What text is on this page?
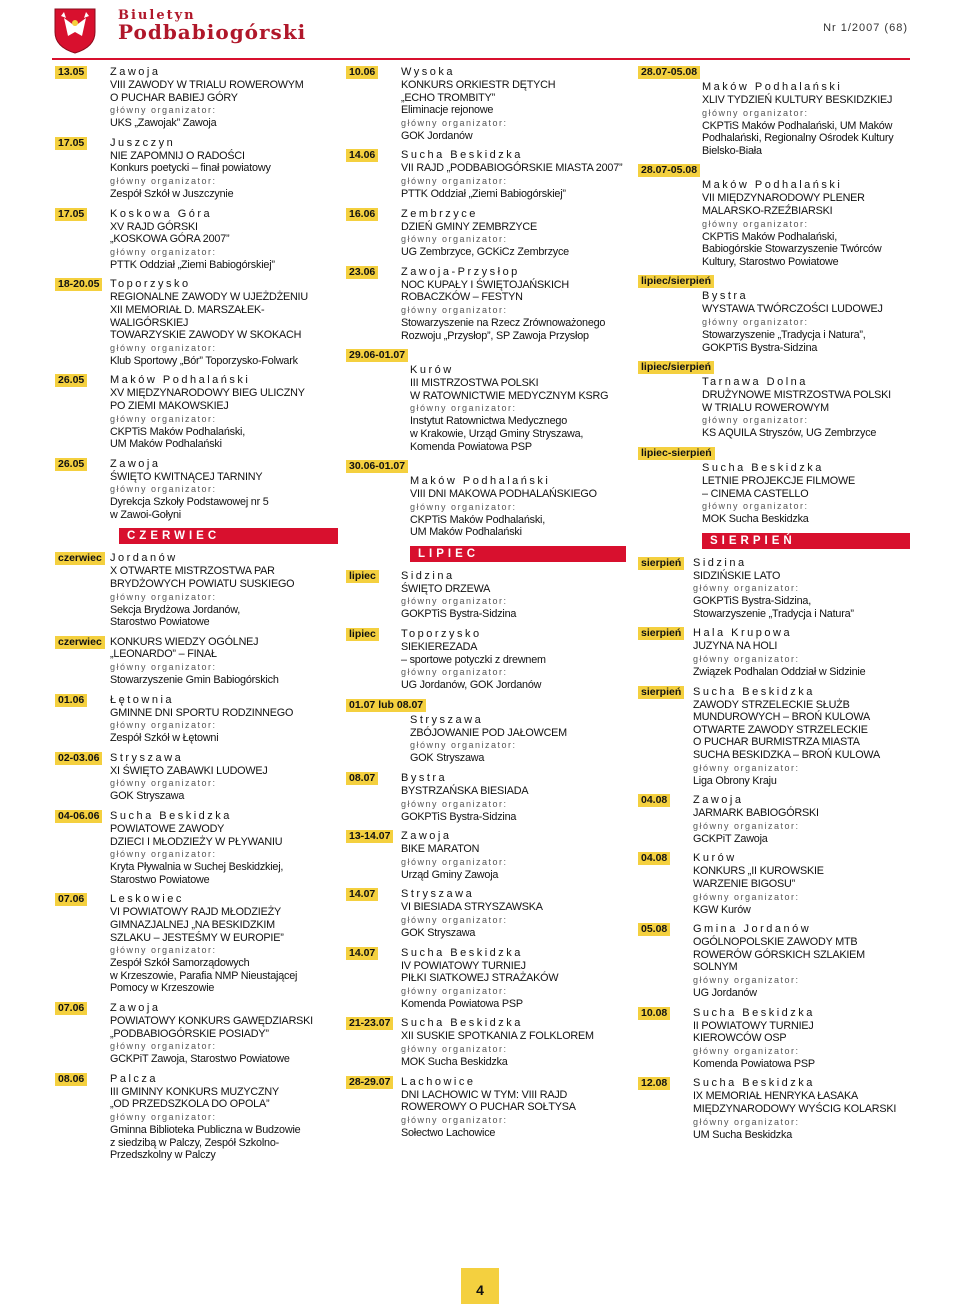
Biuletyn
Podbabiogórski	Nr 1/2007 (68)
13.05	Zawoja
VIII ZAWODY W TRIALU ROWEROWYM
O PUCHAR BABIEJ GÓRY
główny organizator:
UKS „Zawojak” Zawoja
17.05	Juszczyn
NIE ZAPOMNIJ O RADOŚCI
Konkurs poetycki – finał powiatowy
główny organizator:
Zespół Szkół w Juszczynie
17.05	Koskowa Góra
XV RAJD GÓRSKI
„KOSKOWA GÓRA 2007”
główny organizator:
PTTK Oddział „Ziemi Babiogórskiej”
18-20.05 Toporzysko
REGIONALNE ZAWODY W UJEŻDŻENIU
XII MEMORIAŁ D. MARSZAŁEK-WALIGÓRSKIEJ
TOWARZYSKIE ZAWODY W SKOKACH
główny organizator:
Klub Sportowy „Bór” Toporzysko-Folwark
26.05	Maków Podhalański
XV MIĘDZYNARODOWY BIEG ULICZNY
PO ZIEMI MAKOWSKIEJ
główny organizator:
CKPTiS Maków Podhalański,
UM Maków Podhalański
26.05	Zawoja
ŚWIĘTO KWITNĄCEJ TARNINY
główny organizator:
Dyrekcja Szkoły Podstawowej nr 5
w Zawoi-Gołyni
CZERWIEC
czerwiec Jordanów
X OTWARTE MISTRZOSTWA PAR
BRYDŻOWYCH POWIATU SUSKIEGO
główny organizator:
Sekcja Brydżowa Jordanów,
Starostwo Powiatowe
czerwiec KONKURS WIEDZY OGÓLNEJ
„LEONARDO” – FINAŁ
główny organizator:
Stowarzyszenie Gmin Babiogórskich
01.06	Łętownia
GMINNE DNI SPORTU RODZINNEGO
główny organizator:
Zespół Szkół w Łętowni
02-03.06 Stryszawa
XI ŚWIĘTO ZABAWKI LUDOWEJ
główny organizator:
GOK Stryszawa
04-06.06 Sucha Beskidzka
POWIATOWE ZAWODY
DZIECI I MŁODZIEŻY W PŁYWANIU
główny organizator:
Kryta Pływalnia w Suchej Beskidzkiej,
Starostwo Powiatowe
07.06	Leskowiec
VI POWIATOWY RAJD MŁODZIEŻY
GIMNAZJALNEJ „NA BESKIDZKIM
SZLAKU – JESTEŚMY W EUROPIE”
główny organizator:
Zespół Szkół Samorządowych
w Krzeszowie, Parafia NMP Nieustającej
Pomocy w Krzeszowie
07.06	Zawoja
POWIATOWY KONKURS GAWĘDZIARSKI
„PODBABIOGÓRSKIE POSIADY”
główny organizator:
GCKPiT Zawoja, Starostwo Powiatowe
08.06	Palcza
III GMINNY KONKURS MUZYCZNY
„OD PRZEDSZKOLA DO OPOLA”
główny organizator:
Gminna Biblioteka Publiczna w Budzowie
z siedzibą w Palczy, Zespół Szkolno-
Przedszkolny w Palczy
10.06	Wysoka
KONKURS ORKIESTR DĘTYCH
„ECHO TROMBITY”
Eliminacje rejonowe
główny organizator:
GOK Jordanów
14.06	Sucha Beskidzka
VII RAJD „PODBABIOGÓRSKIE MIASTA 2007”
główny organizator:
PTTK Oddział „Ziemi Babiogórskiej”
16.06	Zembrzyce
DZIEŃ GMINY ZEMBRZYCE
główny organizator:
UG Zembrzyce, GCKiCz Zembrzyce
23.06	Zawoja-Przysłop
NOC KUPAŁY I ŚWIĘTOJAŃSKICH
ROBACZKÓW – FESTYN
główny organizator:
Stowarzyszenie na Rzecz Zrównoważonego
Rozwoju „Przysłop”, SP Zawoja Przysłop
29.06-01.07
Kurów
III MISTRZOSTWA POLSKI
W RATOWNICTWIE MEDYCZNYM KSRG
główny organizator:
Instytut Ratownictwa Medycznego
w Krakowie, Urząd Gminy Stryszawa,
Komenda Powiatowa PSP
30.06-01.07
Maków Podhalański
VIII DNI MAKOWA PODHALAŃSKIEGO
główny organizator:
CKPTiS Maków Podhalański,
UM Maków Podhalański
LIPIEC
lipiec	Sidzina
ŚWIĘTO DRZEWA
główny organizator:
GOKPTiS Bystra-Sidzina
lipiec	Toporzysko
SIEKIEREZADA
– sportowe potyczki z drewnem
główny organizator:
UG Jordanów, GOK Jordanów
01.07 lub 08.07
Stryszawa
ZBÓJOWANIE POD JAŁOWCEM
główny organizator:
GOK Stryszawa
08.07	Bystra
BYSTRZAŃSKA BIESIADA
główny organizator:
GOKPTiS Bystra-Sidzina
13-14.07 Zawoja
BIKE MARATON
główny organizator:
Urząd Gminy Zawoja
14.07	Stryszawa
VI BIESIADA STRYSZAWSKA
główny organizator:
GOK Stryszawa
14.07	Sucha Beskidzka
IV POWIATOWY TURNIEJ
PIŁKI SIATKOWEJ STRAŻAKÓW
główny organizator:
Komenda Powiatowa PSP
21-23.07 Sucha Beskidzka
XII SUSKIE SPOTKANIA Z FOLKLOREM
główny organizator:
MOK Sucha Beskidzka
28-29.07 Lachowice
DNI LACHOWIC W TYM: VIII RAJD
ROWEROWY O PUCHAR SOŁTYSA
główny organizator:
Sołectwo Lachowice
28.07-05.08
Maków Podhalański
XLIV TYDZIEŃ KULTURY BESKIDZKIEJ
główny organizator:
CKPTiS Maków Podhalański, UM Maków
Podhalański, Regionalny Ośrodek Kultury
Bielsko-Biała
28.07-05.08
Maków Podhalański
VII MIĘDZYNARODOWY PLENER
MALARSKO-RZEŹBIARSKI
główny organizator:
CKPTiS Maków Podhalański,
Babiogórskie Stowarzyszenie Twórców
Kultury, Starostwo Powiatowe
lipiec/sierpień
Bystra
WYSTAWA TWÓRCZOŚCI LUDOWEJ
główny organizator:
Stowarzyszenie „Tradycja i Natura”,
GOKPTiS Bystra-Sidzina
lipiec/sierpień
Tarnawa Dolna
DRUŻYNOWE MISTRZOSTWA POLSKI
W TRIALU ROWEROWYM
główny organizator:
KS AQUILA Stryszów, UG Zembrzyce
lipiec-sierpień
Sucha Beskidzka
LETNIE PROJEKCJE FILMOWE
– CINEMA CASTELLO
główny organizator:
MOK Sucha Beskidzka
SIERPIEŃ
sierpień	Sidzina
SIDZIŃSKIE LATO
główny organizator:
GOKPTiS Bystra-Sidzina,
Stowarzyszenie „Tradycja i Natura”
sierpień	Hala Krupowa
JUZYNA NA HOLI
główny organizator:
Związek Podhalan Oddział w Sidzinie
sierpień	Sucha Beskidzka
ZAWODY STRZELECKIE SŁUŻB
MUNDUROWYCH – BROŃ KULOWA
OTWARTE ZAWODY STRZELECKIE
O PUCHAR BURMISTRZA MIASTA
SUCHA BESKIDZKA – BROŃ KULOWA
główny organizator:
Liga Obrony Kraju
04.08	Zawoja
JARMARK BABIOGÓRSKI
główny organizator:
GCKPiT Zawoja
04.08	Kurów
KONKURS „II KUROWSKIE
WARZENIE BIGOSU”
główny organizator:
KGW Kurów
05.08	Gmina Jordanów
OGÓLNOPOLSKIE ZAWODY MTB
ROWERÓW GÓRSKICH SZLAKIEM
SOLNYM
główny organizator:
UG Jordanów
10.08	Sucha Beskidzka
II POWIATOWY TURNIEJ
KIEROWCÓW OSP
główny organizator:
Komenda Powiatowa PSP
12.08	Sucha Beskidzka
IX MEMORIAŁ HENRYKA ŁASAKA
MIĘDZYNARODOWY WYŚCIG KOLARSKI
główny organizator:
UM Sucha Beskidzka
4
